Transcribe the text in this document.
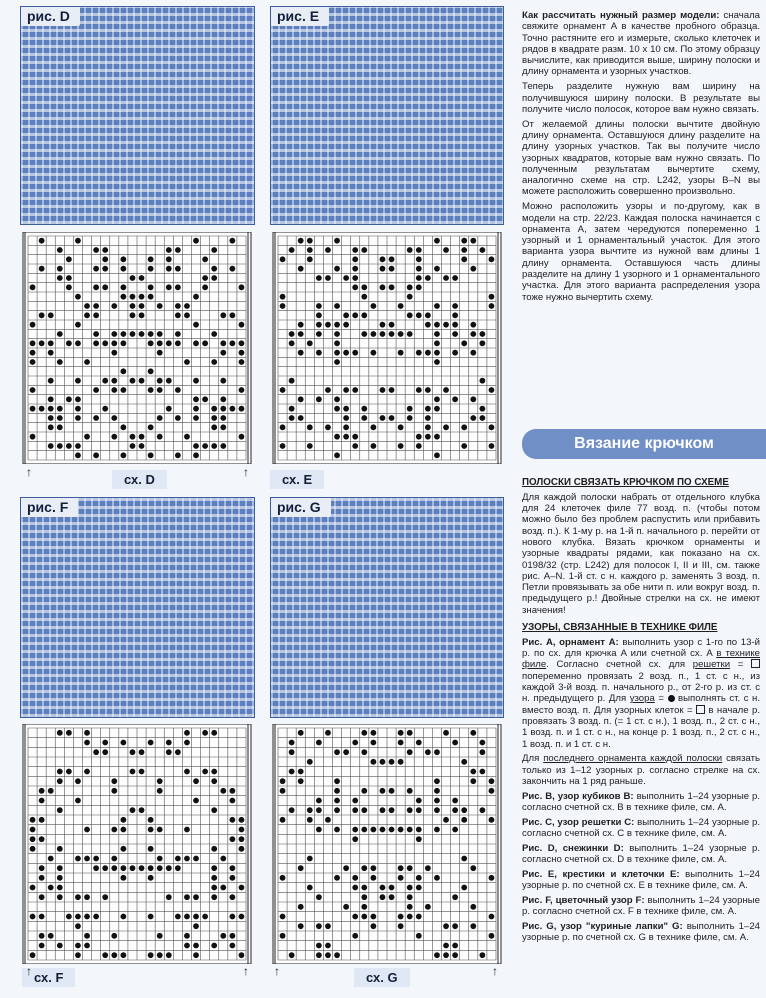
рис. D	рис. E
рис. F	рис. G
сх. D	сх. E
сх. F	сх. G
↑	↑
↑	↑ ↑	↑

Как рассчитать нужный размер модели: сначала свяжите орнамент A в качестве пробного образца. Точно растяните его и измерьте, сколько клеточек и рядов в квадрате разм. 10 x 10 см. По этому образцу вычислите, как приводится выше, ширину полоски и длину орнамента и узорных участков.

Теперь разделите нужную вам ширину на получившуюся ширину полоски. В результате вы получите число полосок, которое вам нужно связать.

От желаемой длины полоски вычтите двойную длину орнамента. Оставшуюся длину разделите на длину узорных участков. Так вы получите число узорных квадратов, которые вам нужно связать. По полученным результатам вычертите схему, аналогично схеме на стр. L242, узоры B–N вы можете расположить совершенно произвольно.

Можно расположить узоры и по-другому, как в модели на стр. 22/23. Каждая полоска начинается с орнамента A, затем чередуются попеременно 1 узорный и 1 орнаментальный участок. Для этого варианта узора вычтите из нужной вам длины 1 длину орнамента. Оставшуюся часть длины разделите на длину 1 узорного и 1 орнаментального участка. Для этого варианта распределения узора тоже нужно вычертить схему.

Вязание крючком

ПОЛОСКИ СВЯЗАТЬ КРЮЧКОМ ПО СХЕМЕ

Для каждой полоски набрать от отдельного клубка для 24 клеточек филе 77 возд. п. (чтобы потом можно было без проблем распустить или прибавить возд. п.). К 1-му р. на 1-й п. начального р. перейти от нового клубка. Вязать крючком орнаменты и узорные квадраты рядами, как показано на сх. 0198/32 (стр. L242) для полосок I, II и III, см. также рис. A–N. 1-й ст. с н. каждого р. заменять 3 возд. п. Петли провязывать за обе нити п. или вокруг возд. п. предыдущего р.! Двойные стрелки на сх. не имеют значения!

УЗОРЫ, СВЯЗАННЫЕ В ТЕХНИКЕ ФИЛЕ

Рис. A, орнамент A: выполнить узор с 1-го по 13-й р. по сх. для крючка A или счетной сх. A в технике филе. Согласно счетной сх. для решетки =  попеременно провязать 2 возд. п., 1 ст. с н., из каждой 3-й возд. п. начального р., от 2-го р. из ст. с н. предыдущего р. Для узора =  выполнять ст. с н. вместо возд. п. Для узорных клеток =  в начале р. провязать 3 возд. п. (= 1 ст. с н.), 1 возд. п., 2 ст. с н., 1 возд. п. и 1 ст. с н., на конце р. 1 возд. п., 2 ст. с н., 1 возд. п. и 1 ст. с н.

Для последнего орнамента каждой полоски связать только из 1–12 узорных р. согласно стрелке на сх. закончить на 1 ряд раньше.

Рис. B, узор кубиков B: выполнить 1–24 узорные р. согласно счетной сх. В в технике филе, см. A.

Рис. C, узор решетки C: выполнить 1–24 узорные р. согласно счетной сх. С в технике филе, см. A.

Рис. D, снежинки D: выполнить 1–24 узорные р. согласно счетной сх. D в технике филе, см. A.

Рис. E, крестики и клеточки E: выполнить 1–24 узорные р. по счетной сх. Е в технике филе, см. A.

Рис. F, цветочный узор F: выполнить 1–24 узорные р. согласно счетной сх. F в технике филе, см. A.

Рис. G, узор "куриные лапки" G: выполнить 1–24 узорные р. по счетной сх. G в технике филе, см. A.
